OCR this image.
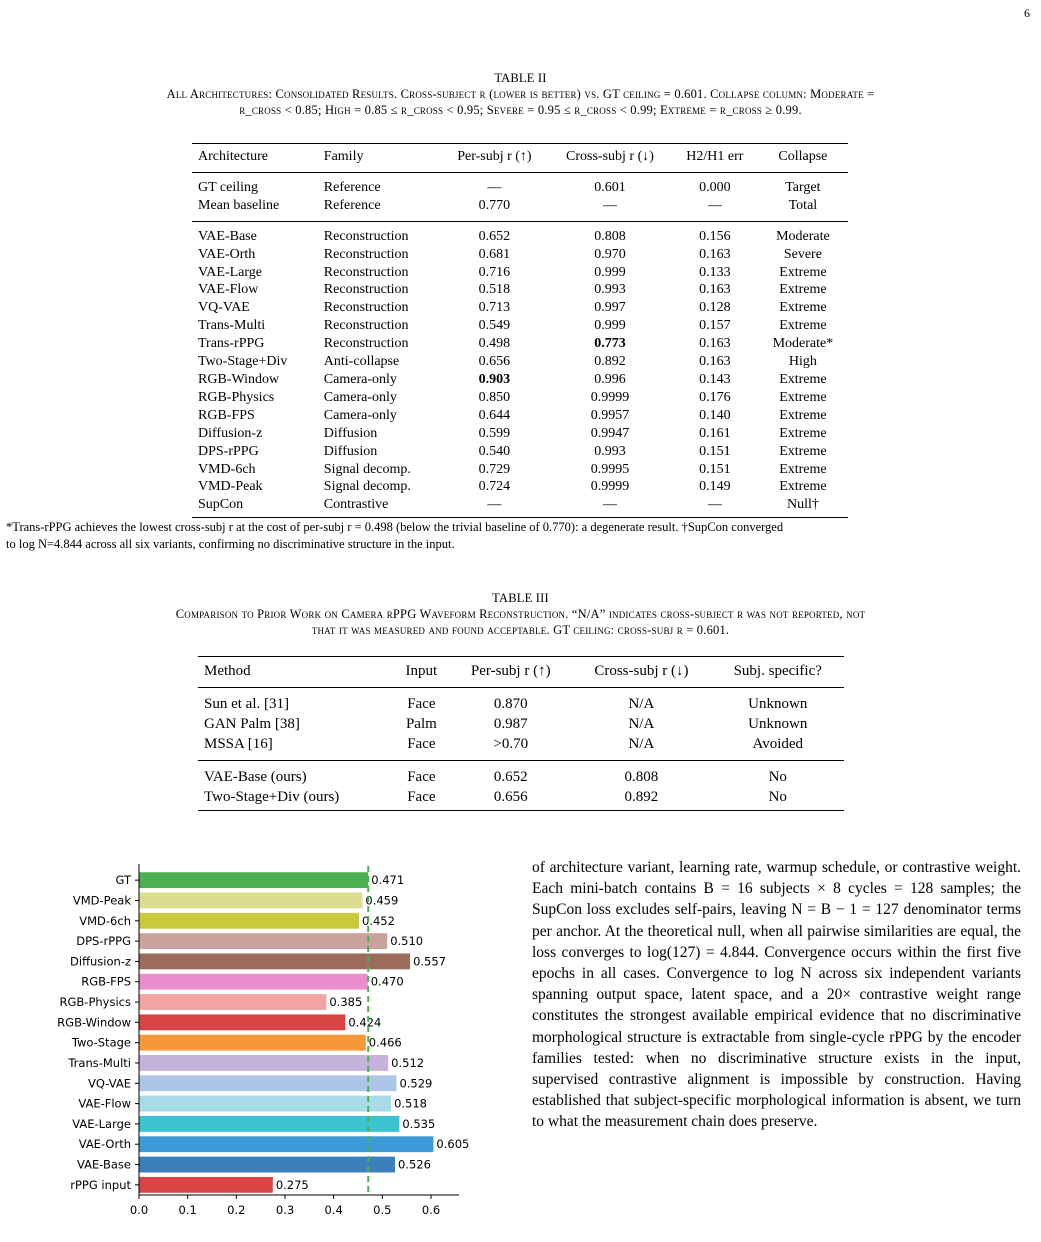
6
TABLE II
All Architectures: Consolidated Results. Cross-subject r (lower is better) vs. GT ceiling = 0.601. Collapse column: Moderate =
r_cross < 0.85; High = 0.85 ≤ r_cross < 0.95; Severe = 0.95 ≤ r_cross < 0.99; Extreme = r_cross ≥ 0.99.
Architecture	Family	Per-subj r (↑)	Cross-subj r (↓)	H2/H1 err	Collapse
GT ceiling	Reference	—	0.601	0.000	Target
Mean baseline	Reference	0.770	—	—	Total
VAE-Base	Reconstruction	0.652	0.808	0.156	Moderate
VAE-Orth	Reconstruction	0.681	0.970	0.163	Severe
VAE-Large	Reconstruction	0.716	0.999	0.133	Extreme
VAE-Flow	Reconstruction	0.518	0.993	0.163	Extreme
VQ-VAE	Reconstruction	0.713	0.997	0.128	Extreme
Trans-Multi	Reconstruction	0.549	0.999	0.157	Extreme
Trans-rPPG	Reconstruction	0.498	0.773	0.163	Moderate*
Two-Stage+Div	Anti-collapse	0.656	0.892	0.163	High
RGB-Window	Camera-only	0.903	0.996	0.143	Extreme
RGB-Physics	Camera-only	0.850	0.9999	0.176	Extreme
RGB-FPS	Camera-only	0.644	0.9957	0.140	Extreme
Diffusion-z	Diffusion	0.599	0.9947	0.161	Extreme
DPS-rPPG	Diffusion	0.540	0.993	0.151	Extreme
VMD-6ch	Signal decomp.	0.729	0.9995	0.151	Extreme
VMD-Peak	Signal decomp.	0.724	0.9999	0.149	Extreme
SupCon	Contrastive	—	—	—	Null†
*Trans-rPPG achieves the lowest cross-subj r at the cost of per-subj r = 0.498 (below the trivial baseline of 0.770): a degenerate result. †SupCon converged
to log N=4.844 across all six variants, confirming no discriminative structure in the input.
TABLE III
Comparison to Prior Work on Camera rPPG Waveform Reconstruction. “N/A” indicates cross-subject r was not reported, not
that it was measured and found acceptable. GT ceiling: cross-subj r = 0.601.
Method	Input	Per-subj r (↑)	Cross-subj r (↓)	Subj. specific?
Sun et al. [31]	Face	0.870	N/A	Unknown
GAN Palm [38]	Palm	0.987	N/A	Unknown
MSSA [16]	Face	>0.70	N/A	Avoided
VAE-Base (ours)	Face	0.652	0.808	No
Two-Stage+Div (ours)	Face	0.656	0.892	No
GT	0.471
VMD-Peak	0.459
VMD-6ch	0.452
DPS-rPPG	0.510
Diffusion-z	0.557
RGB-FPS	0.470
RGB-Physics	0.385
RGB-Window	0.424
Two-Stage	0.466
Trans-Multi	0.512
VQ-VAE	0.529
VAE-Flow	0.518
VAE-Large	0.535
VAE-Orth	0.605
VAE-Base	0.526
rPPG input	0.275
0.0	0.1	0.2	0.3	0.4	0.5	0.6
of architecture variant, learning rate, warmup schedule, or contrastive weight. Each mini-batch contains B = 16 subjects × 8 cycles = 128 samples; the SupCon loss excludes self-pairs, leaving N = B − 1 = 127 denominator terms per anchor. At the theoretical null, when all pairwise similarities are equal, the loss converges to log(127) = 4.844. Convergence occurs within the first five epochs in all cases. Convergence to log N across six independent variants spanning output space, latent space, and a 20× contrastive weight range constitutes the strongest available empirical evidence that no discriminative morphological structure is extractable from single-cycle rPPG by the encoder families tested: when no discriminative structure exists in the input, supervised contrastive alignment is impossible by construction. Having established that subject-specific morphological information is absent, we turn to what the measurement chain does preserve.
